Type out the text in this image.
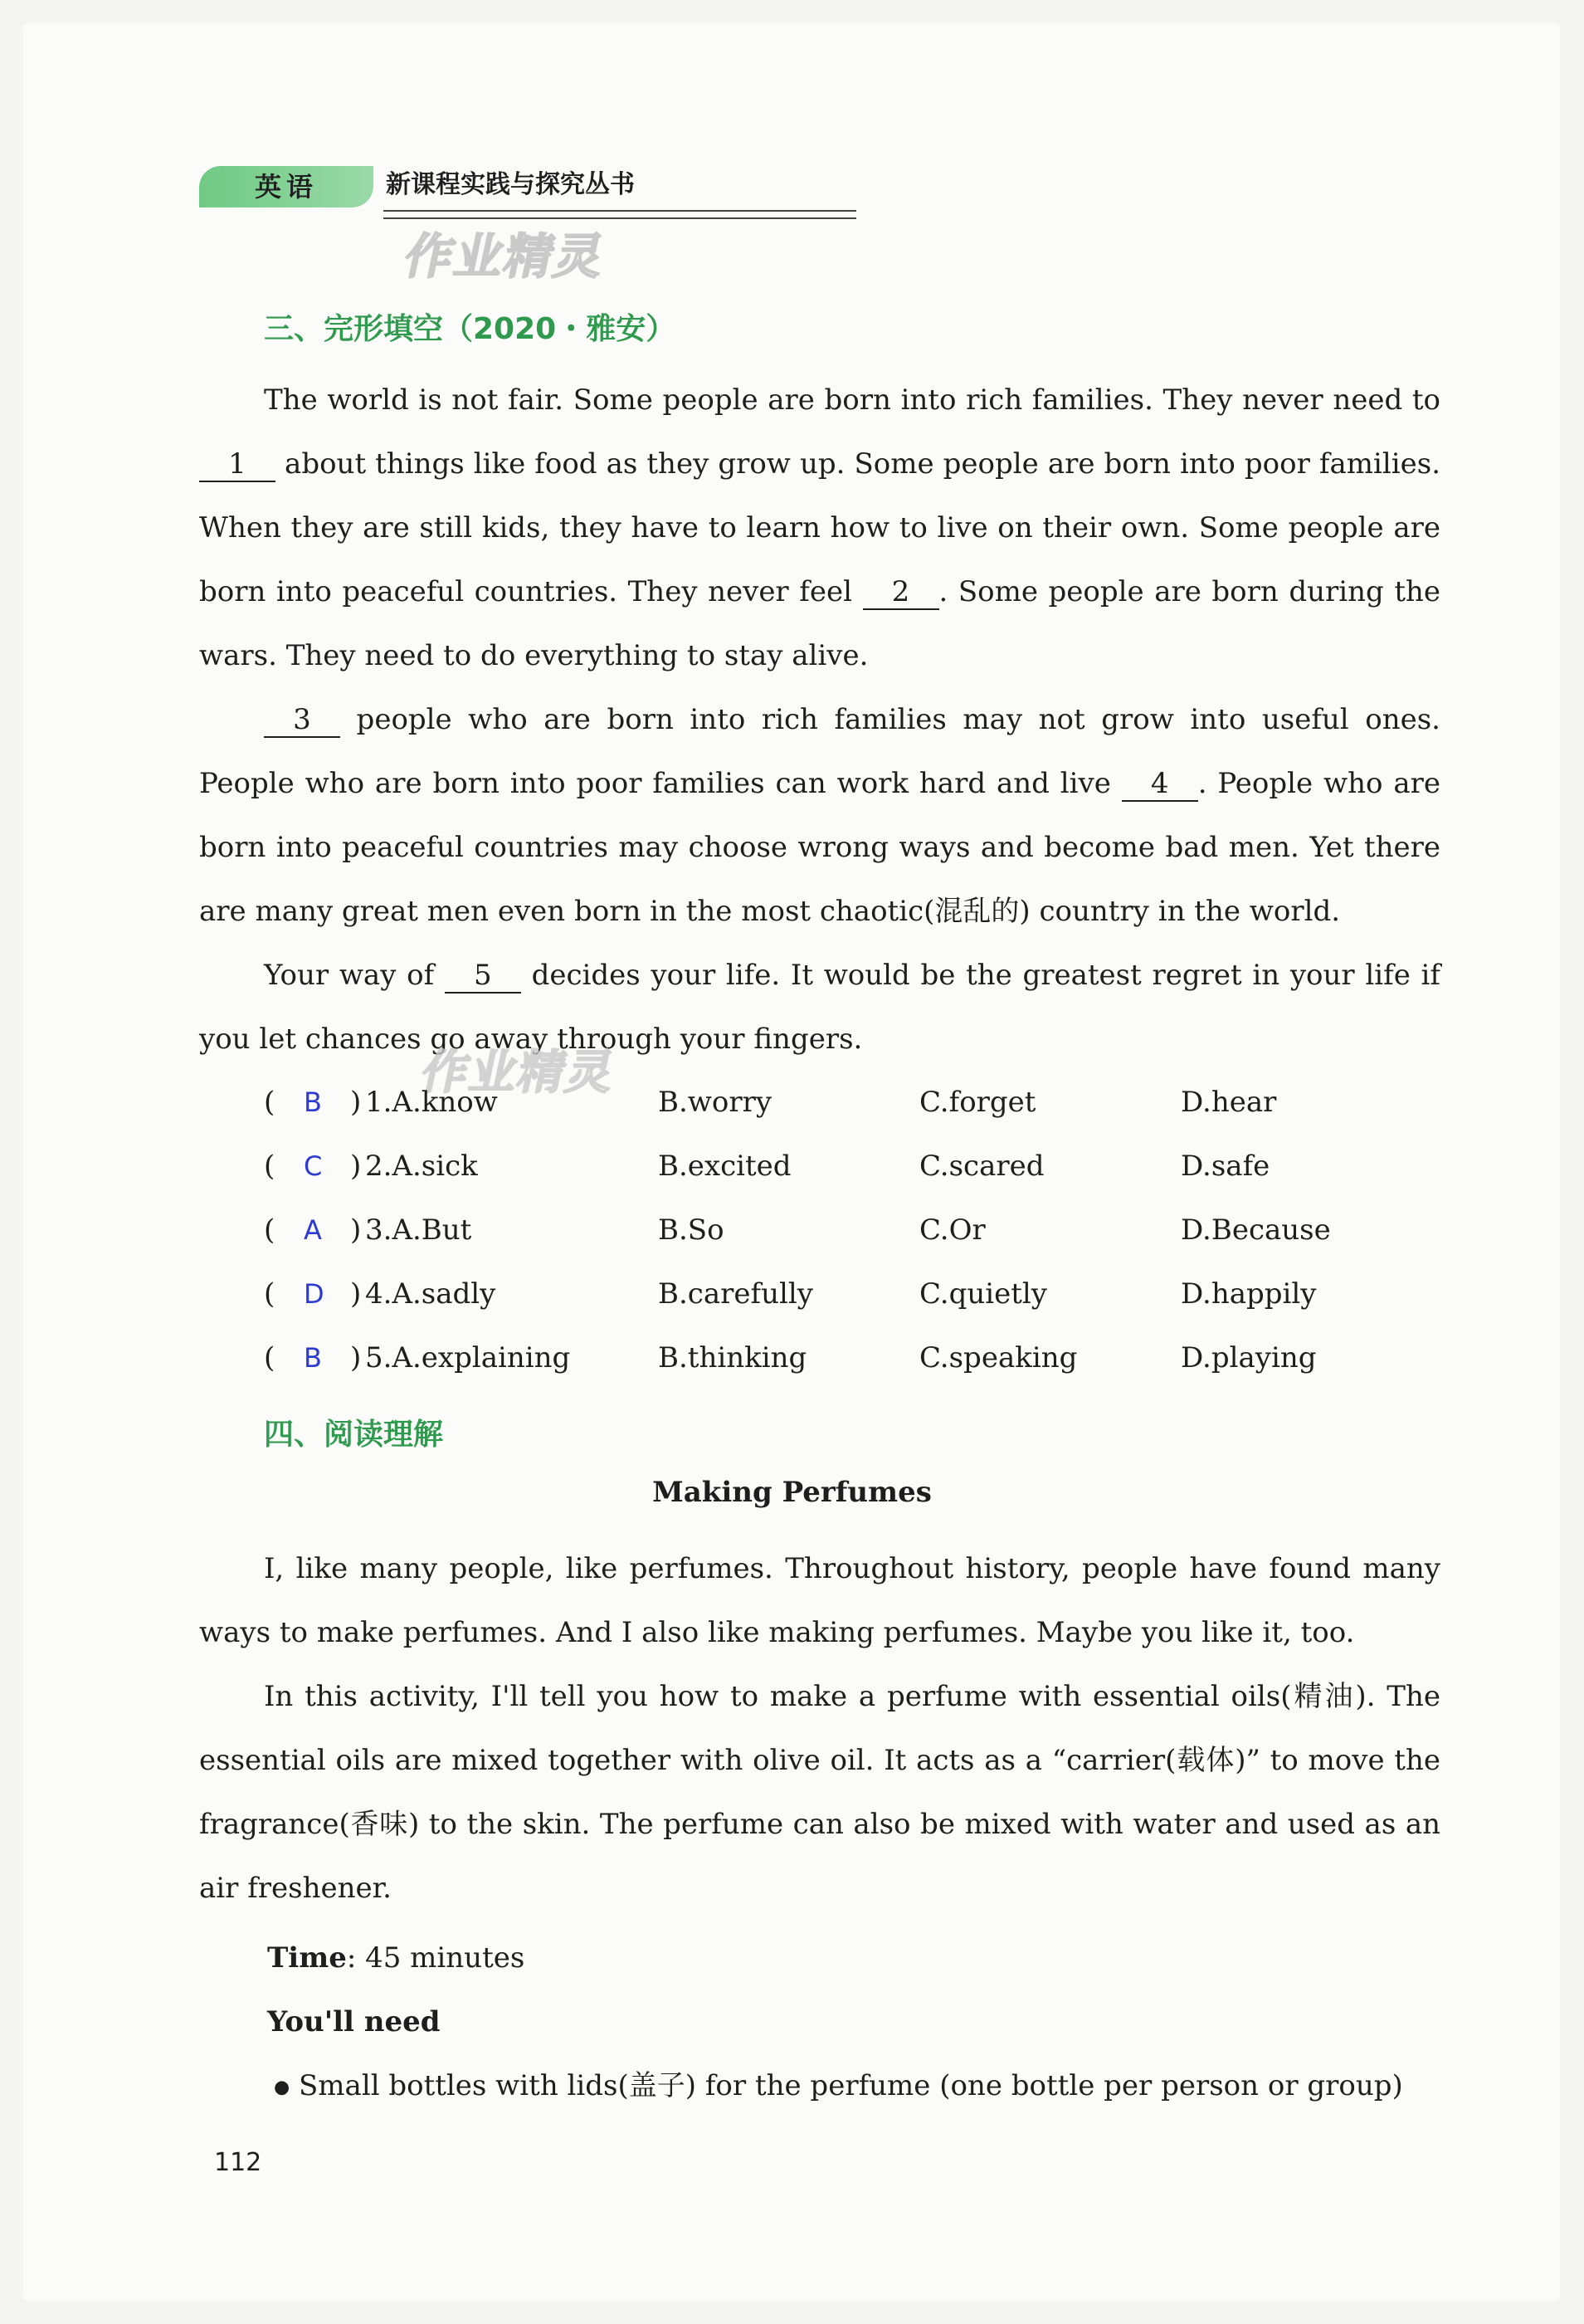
英语	新课程实践与探究丛书
作业精灵
三、完形填空（2020・雅安）

The world is not fair. Some people are born into rich families. They never need to 1 about things like food as they grow up. Some people are born into poor families. When they are still kids, they have to learn how to live on their own. Some people are born into peaceful countries. They never feel 2 . Some people are born during the wars. They need to do everything to stay alive.

3 people who are born into rich families may not grow into useful ones. People who are born into poor families can work hard and live 4 . People who are born into peaceful countries may choose wrong ways and become bad men. Yet there are many great men even born in the most chaotic(混乱的) country in the world.

Your way of 5 decides your life. It would be the greatest regret in your life if you let chances go away through your fingers.

作业精灵
( B ) 1.A.know	B.worry	C.forget	D.hear
( C ) 2.A.sick	B.excited	C.scared	D.safe
( A ) 3.A.But	B.So	C.Or	D.Because
( D ) 4.A.sadly	B.carefully	C.quietly	D.happily
( B ) 5.A.explaining	B.thinking	C.speaking	D.playing
四、阅读理解
Making Perfumes

I, like many people, like perfumes. Throughout history, people have found many ways to make perfumes. And I also like making perfumes. Maybe you like it, too.

In this activity, I'll tell you how to make a perfume with essential oils(精油). The essential oils are mixed together with olive oil. It acts as a “carrier(载体)” to move the fragrance(香味) to the skin. The perfume can also be mixed with water and used as an air freshener.

Time: 45 minutes
You'll need
● Small bottles with lids(盖子) for the perfume (one bottle per person or group)
112
